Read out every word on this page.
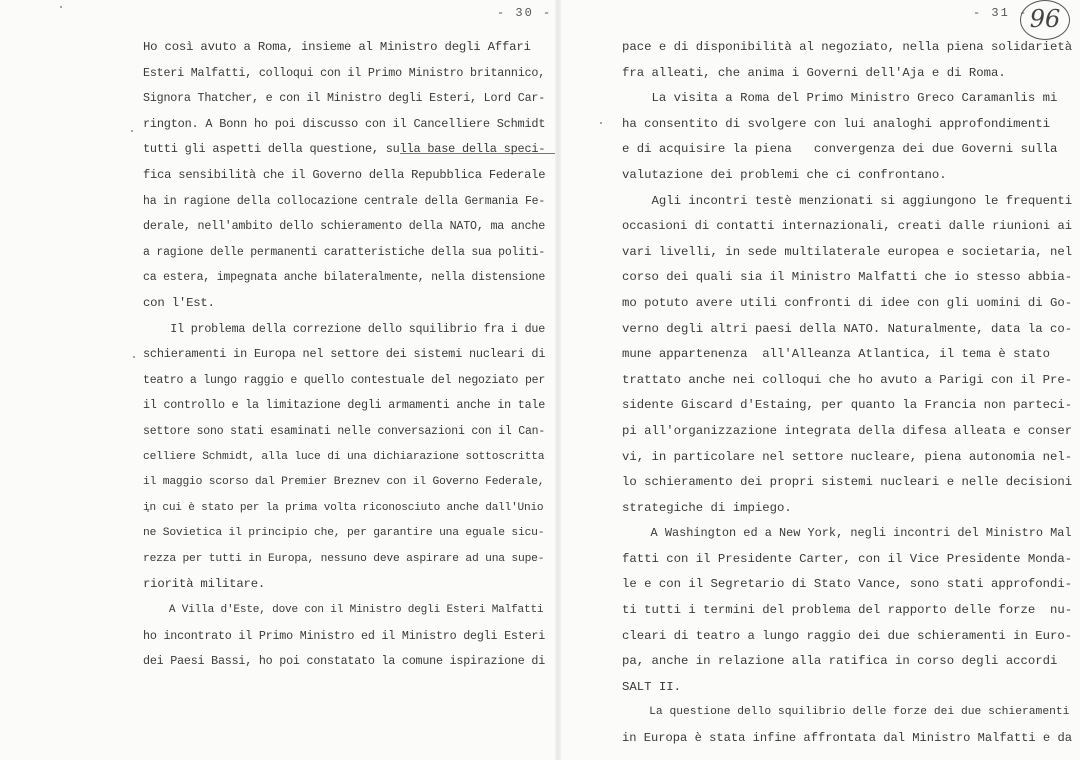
- 30 -
Ho così avuto a Roma, insieme al Ministro degli Affari
Esteri Malfatti, colloqui con il Primo Ministro britannico,
Signora Thatcher, e con il Ministro degli Esteri, Lord Car-
rington. A Bonn ho poi discusso con il Cancelliere Schmidt
tutti gli aspetti della questione, sulla base della speci-
fica sensibilità che il Governo della Repubblica Federale
ha in ragione della collocazione centrale della Germania Fe-
derale, nell'ambito dello schieramento della NATO, ma anche
a ragione delle permanenti caratteristiche della sua politi-
ca estera, impegnata anche bilateralmente, nella distensione
con l'Est.
Il problema della correzione dello squilibrio fra i due
schieramenti in Europa nel settore dei sistemi nucleari di
teatro a lungo raggio e quello contestuale del negoziato per
il controllo e la limitazione degli armamenti anche in tale
settore sono stati esaminati nelle conversazioni con il Can-
celliere Schmidt, alla luce di una dichiarazione sottoscritta
il maggio scorso dal Premier Breznev con il Governo Federale,
in cui è stato per la prima volta riconosciuto anche dall'Unio
ne Sovietica il principio che, per garantire una eguale sicu-
rezza per tutti in Europa, nessuno deve aspirare ad una supe-
riorità militare.
A Villa d'Este, dove con il Ministro degli Esteri Malfatti
ho incontrato il Primo Ministro ed il Ministro degli Esteri
dei Paesi Bassi, ho poi constatato la comune ispirazione di
- 31 - 96
pace e di disponibilità al negoziato, nella piena solidarietà
fra alleati, che anima i Governi dell'Aja e di Roma.
La visita a Roma del Primo Ministro Greco Caramanlis mi
ha consentito di svolgere con lui analoghi approfondimenti
e di acquisire la piena   convergenza dei due Governi sulla
valutazione dei problemi che ci confrontano.
Agli incontri testè menzionati si aggiungono le frequenti
occasioni di contatti internazionali, creati dalle riunioni ai
vari livelli, in sede multilaterale europea e societaria, nel
corso dei quali sia il Ministro Malfatti che io stesso abbia-
mo potuto avere utili confronti di idee con gli uomini di Go-
verno degli altri paesi della NATO. Naturalmente, data la co-
mune appartenenza  all'Alleanza Atlantica, il tema è stato
trattato anche nei colloqui che ho avuto a Parigi con il Pre-
sidente Giscard d'Estaing, per quanto la Francia non parteci-
pi all'organizzazione integrata della difesa alleata e conser
vi, in particolare nel settore nucleare, piena autonomia nel-
lo schieramento dei propri sistemi nucleari e nelle decisioni
strategiche di impiego.
A Washington ed a New York, negli incontri del Ministro Mal
fatti con il Presidente Carter, con il Vice Presidente Monda-
le e con il Segretario di Stato Vance, sono stati approfondi-
ti tutti i termini del problema del rapporto delle forze  nu-
cleari di teatro a lungo raggio dei due schieramenti in Euro-
pa, anche in relazione alla ratifica in corso degli accordi
SALT II.
La questione dello squilibrio delle forze dei due schieramenti
in Europa è stata infine affrontata dal Ministro Malfatti e da
